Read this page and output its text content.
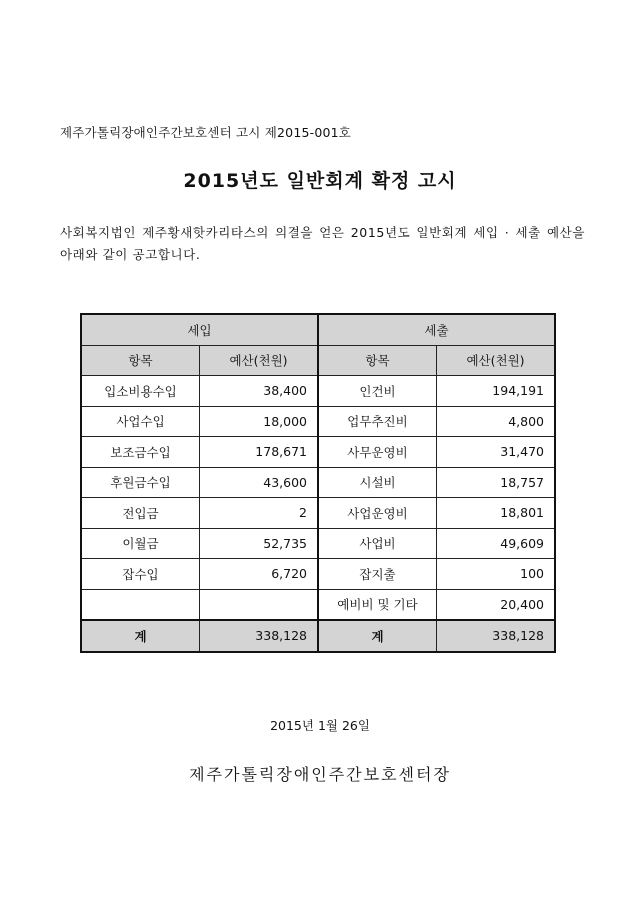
제주가톨릭장애인주간보호센터 고시 제2015-001호
2015년도 일반회계 확정 고시
사회복지법인 제주황새핫카리타스의 의결을 얻은 2015년도 일반회계 세입 · 세출 예산을 아래와 같이 공고합니다.
세입		세출	
항목	예산(천원)	항목	예산(천원)
입소비용수입	38,400	인건비	194,191
사업수입	18,000	업무추진비	4,800
보조금수입	178,671	사무운영비	31,470
후원금수입	43,600	시설비	18,757
전입금	2	사업운영비	18,801
이월금	52,735	사업비	49,609
잡수입	6,720	잡지출	100
		예비비 및 기타	20,400
계	338,128	계	338,128
2015년 1월 26일
제주가톨릭장애인주간보호센터장
